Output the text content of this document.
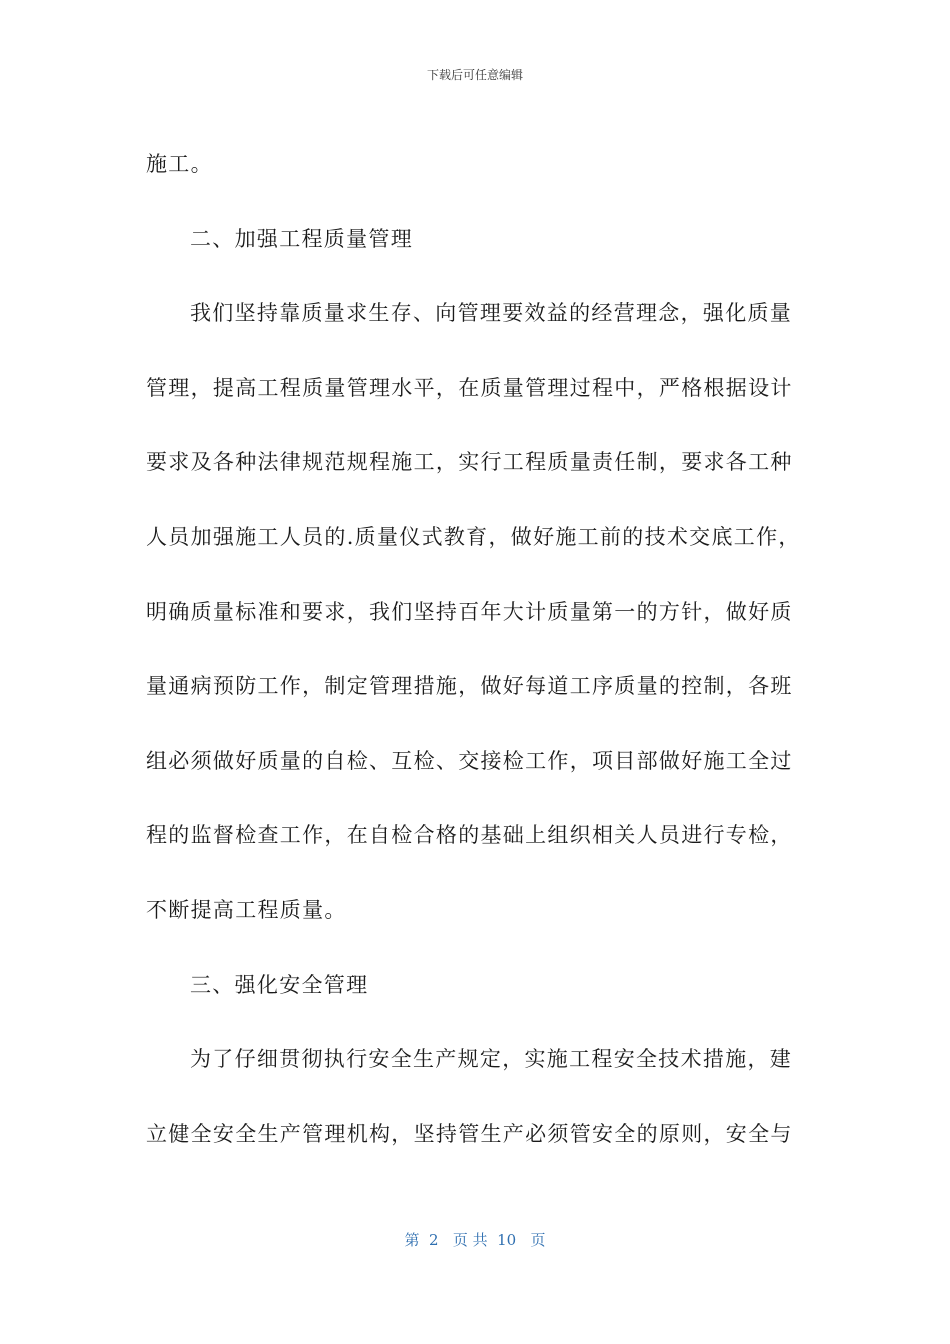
下载后可任意编辑
施工。
二、加强工程质量管理
我们坚持靠质量求生存、向管理要效益的经营理念，强化质量
管理，提高工程质量管理水平，在质量管理过程中，严格根据设计
要求及各种法律规范规程施工，实行工程质量责任制，要求各工种
人员加强施工人员的.质量仪式教育，做好施工前的技术交底工作，
明确质量标准和要求，我们坚持百年大计质量第一的方针，做好质
量通病预防工作，制定管理措施，做好每道工序质量的控制，各班
组必须做好质量的自检、互检、交接检工作，项目部做好施工全过
程的监督检查工作，在自检合格的基础上组织相关人员进行专检，
不断提高工程质量。
三、强化安全管理
为了仔细贯彻执行安全生产规定，实施工程安全技术措施，建
立健全安全生产管理机构，坚持管生产必须管安全的原则，安全与
第  2   页 共  10   页
